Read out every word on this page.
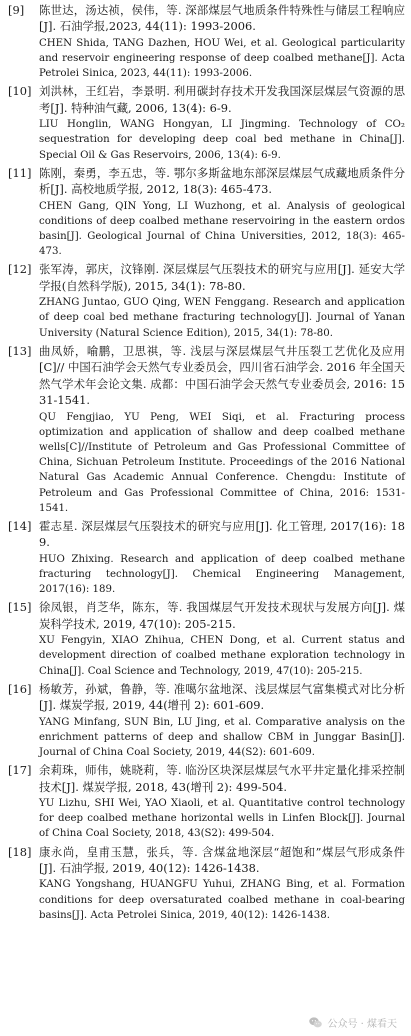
[9]	陈世达，汤达祯，侯伟，等. 深部煤层气地质条件特殊性与储层工程响应[J]. 石油学报,2023, 44(11): 1993-2006.
CHEN Shida, TANG Dazhen, HOU Wei, et al. Geological particularity and reservoir engineering response of deep coalbed methane[J]. Acta Petrolei Sinica, 2023, 44(11): 1993-2006.
[10] 刘洪林，王红岩，李景明. 利用碳封存技术开发我国深层煤层气资源的思考[J]. 特种油气藏, 2006, 13(4): 6-9.
LIU Honglin, WANG Hongyan, LI Jingming. Technology of CO₂ sequestration for developing deep coal bed methane in China[J]. Special Oil & Gas Reservoirs, 2006, 13(4): 6-9.
[11] 陈刚，秦勇，李五忠，等. 鄂尔多斯盆地东部深层煤层气成藏地质条件分析[J]. 高校地质学报, 2012, 18(3): 465-473.
CHEN Gang, QIN Yong, LI Wuzhong, et al. Analysis of geological conditions of deep coalbed methane reservoiring in the eastern ordos basin[J]. Geological Journal of China Universities, 2012, 18(3): 465-473.
[12] 张军涛，郭庆，汶锋刚. 深层煤层气压裂技术的研究与应用[J]. 延安大学学报(自然科学版), 2015, 34(1): 78-80.
ZHANG Juntao, GUO Qing, WEN Fenggang. Research and application of deep coal bed methane fracturing technology[J]. Journal of Yanan University (Natural Science Edition), 2015, 34(1): 78-80.
[13] 曲凤娇，喻鹏，卫思祺，等. 浅层与深层煤层气井压裂工艺优化及应用[C]// 中国石油学会天然气专业委员会，四川省石油学会. 2016 年全国天然气学术年会论文集. 成都：中国石油学会天然气专业委员会, 2016: 1531-1541.
QU Fengjiao, YU Peng, WEI Siqi, et al. Fracturing process optimization and application of shallow and deep coalbed methane wells[C]//Institute of Petroleum and Gas Professional Committee of China, Sichuan Petroleum Institute. Proceedings of the 2016 National Natural Gas Academic Annual Conference. Chengdu: Institute of Petroleum and Gas Professional Committee of China, 2016: 1531-1541.
[14] 霍志星. 深层煤层气压裂技术的研究与应用[J]. 化工管理, 2017(16): 189.
HUO Zhixing. Research and application of deep coalbed methane fracturing technology[J]. Chemical Engineering Management, 2017(16): 189.
[15] 徐凤银，肖芝华，陈东，等. 我国煤层气开发技术现状与发展方向[J]. 煤炭科学技术, 2019, 47(10): 205-215.
XU Fengyin, XIAO Zhihua, CHEN Dong, et al. Current status and development direction of coalbed methane exploration technology in China[J]. Coal Science and Technology, 2019, 47(10): 205-215.
[16] 杨敏芳，孙斌，鲁静，等. 准噶尔盆地深、浅层煤层气富集模式对比分析[J]. 煤炭学报, 2019, 44(增刊 2): 601-609.
YANG Minfang, SUN Bin, LU Jing, et al. Comparative analysis on the enrichment patterns of deep and shallow CBM in Junggar Basin[J]. Journal of China Coal Society, 2019, 44(S2): 601-609.
[17] 余莉珠，师伟，姚晓莉，等. 临汾区块深层煤层气水平井定量化排采控制技术[J]. 煤炭学报, 2018, 43(增刊 2): 499-504.
YU Lizhu, SHI Wei, YAO Xiaoli, et al. Quantitative control technology for deep coalbed methane horizontal wells in Linfen Block[J]. Journal of China Coal Society, 2018, 43(S2): 499-504.
[18] 康永尚，皇甫玉慧，张兵，等. 含煤盆地深层“超饱和”煤层气形成条件[J]. 石油学报, 2019, 40(12): 1426-1438.
KANG Yongshang, HUANGFU Yuhui, ZHANG Bing, et al. Formation conditions for deep oversaturated coalbed methane in coal-bearing basins[J]. Acta Petrolei Sinica, 2019, 40(12): 1426-1438.
公众号 · 煤看天
